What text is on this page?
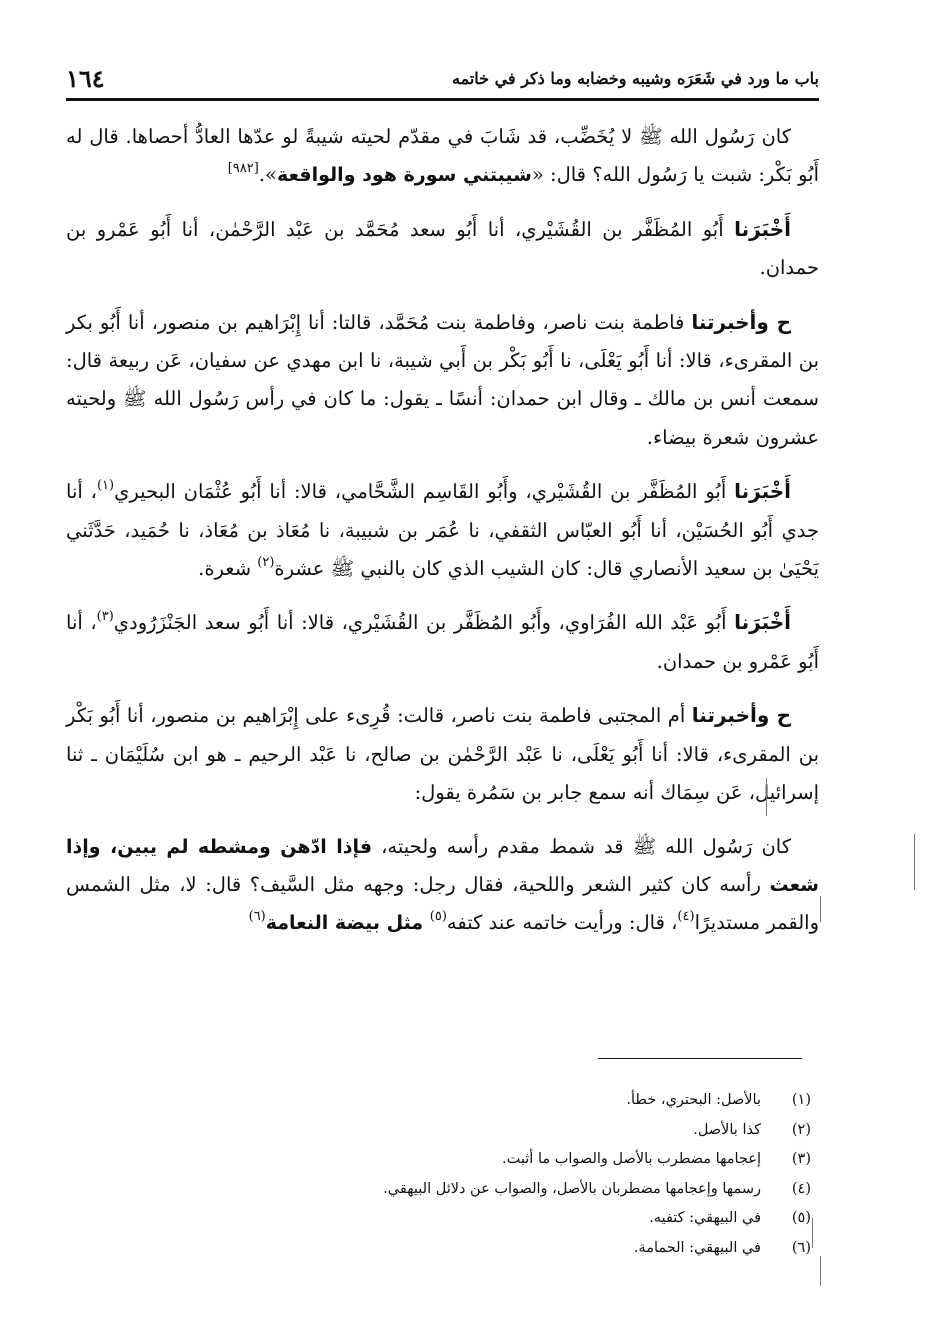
باب ما ورد في شَعَرَه وشيبه وخضابه وما ذكر في خاتمه
١٦٤

كان رَسُول الله ﷺ لا يُخَضِّب، قد شَابَ في مقدّم لحيته شيبةً لو عدّها العادُّ أحصاها. قال له أَبُو بَكْر: شبت يا رَسُول الله؟ قال: «شيبتني سورة هود والواقعة».[٩٨٢]

أَخْبَرَنا أَبُو المُظَفَّر بن القُشَيْري، أنا أَبُو سعد مُحَمَّد بن عَبْد الرَّحْمٰن، أنا أَبُو عَمْرو بن حمدان.

ح وأخبرتنا فاطمة بنت ناصر، وفاطمة بنت مُحَمَّد، قالتا: أنا إِبْرَاهيم بن منصور، أنا أَبُو بكر بن المقرىء، قالا: أنا أَبُو يَعْلَى، نا أَبُو بَكْر بن أَبي شيبة، نا ابن مهدي عن سفيان، عَن ربيعة قال: سمعت أنس بن مالك ـ وقال ابن حمدان: أنسًا ـ يقول: ما كان في رأس رَسُول الله ﷺ ولحيته عشرون شعرة بيضاء.

أَخْبَرَنا أَبُو المُظَفَّر بن القُشَيْري، وأَبُو القَاسِم الشَّحَّامي، قالا: أنا أَبُو عُثْمَان البحيري$^{(١)}$، أنا جدي أَبُو الحُسَيْن، أنا أَبُو العبّاس الثقفي، نا عُمَر بن شبيبة، نا مُعَاذ بن مُعَاذ، نا حُمَيد، حَدَّثَني يَحْيَىٰ بن سعيد الأنصاري قال: كان الشيب الذي كان بالنبي ﷺ عشرة$^{(٢)}$ شعرة.

أَخْبَرَنا أَبُو عَبْد الله الفُرَاوي، وأَبُو المُظَفَّر بن القُشَيْري، قالا: أنا أَبُو سعد الجَنْزَرُودي$^{(٣)}$، أنا أَبُو عَمْرو بن حمدان.

ح وأخبرتنا أم المجتبى فاطمة بنت ناصر، قالت: قُرِىء على إِبْرَاهيم بن منصور، أنا أَبُو بَكْر بن المقرىء، قالا: أنا أَبُو يَعْلَى، نا عَبْد الرَّحْمٰن بن صالح، نا عَبْد الرحيم ـ هو ابن سُلَيْمَان ـ ثنا إسرائيل، عَن سِمَاك أنه سمع جابر بن سَمُرة يقول:

كان رَسُول الله ﷺ قد شمط مقدم رأسه ولحيته، فإذا ادّهن ومشطه لم يبين، وإذا شعث رأسه كان كثير الشعر واللحية، فقال رجل: وجهه مثل السَّيف؟ قال: لا، مثل الشمس والقمر مستديرًا$^{(٤)}$، قال: ورأيت خاتمه عند كتفه$^{(٥)}$ مثل بيضة النعامة$^{(٦)}$

(١)
بالأصل: البحتري، خطأ.
(٢)
كذا بالأصل.
(٣)
إعجامها مضطرب بالأصل والصواب ما أثبت.
(٤)
رسمها وإعجامها مضطربان بالأصل، والصواب عن دلائل البيهقي.
(٥)
في البيهقي: كتفيه.
(٦)
في البيهقي: الحمامة.
